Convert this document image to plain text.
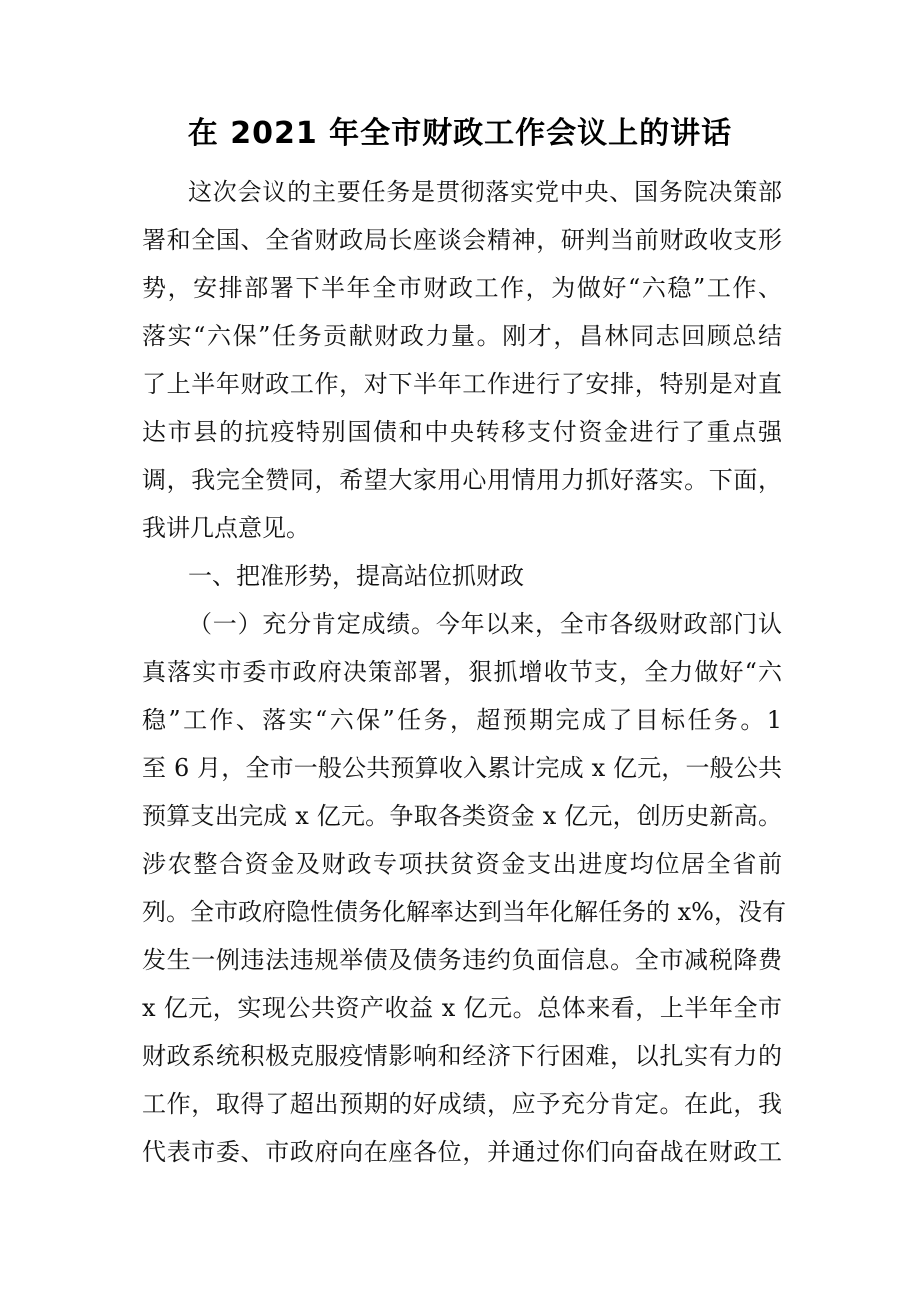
在 2021 年全市财政工作会议上的讲话
这次会议的主要任务是贯彻落实党中央、国务院决策部
署和全国、全省财政局长座谈会精神，研判当前财政收支形
势，安排部署下半年全市财政工作，为做好“六稳”工作、
落实“六保”任务贡献财政力量。刚才，昌林同志回顾总结
了上半年财政工作，对下半年工作进行了安排，特别是对直
达市县的抗疫特别国债和中央转移支付资金进行了重点强
调，我完全赞同，希望大家用心用情用力抓好落实。下面，
我讲几点意见。
一、把准形势，提高站位抓财政
（一）充分肯定成绩。今年以来，全市各级财政部门认
真落实市委市政府决策部署，狠抓增收节支，全力做好“六
稳”工作、落实“六保”任务，超预期完成了目标任务。1
至 6 月，全市一般公共预算收入累计完成 x 亿元，一般公共
预算支出完成 x 亿元。争取各类资金 x 亿元，创历史新高。
涉农整合资金及财政专项扶贫资金支出进度均位居全省前
列。全市政府隐性债务化解率达到当年化解任务的 x%，没有
发生一例违法违规举债及债务违约负面信息。全市减税降费
x 亿元，实现公共资产收益 x 亿元。总体来看，上半年全市
财政系统积极克服疫情影响和经济下行困难，以扎实有力的
工作，取得了超出预期的好成绩，应予充分肯定。在此，我
代表市委、市政府向在座各位，并通过你们向奋战在财政工
